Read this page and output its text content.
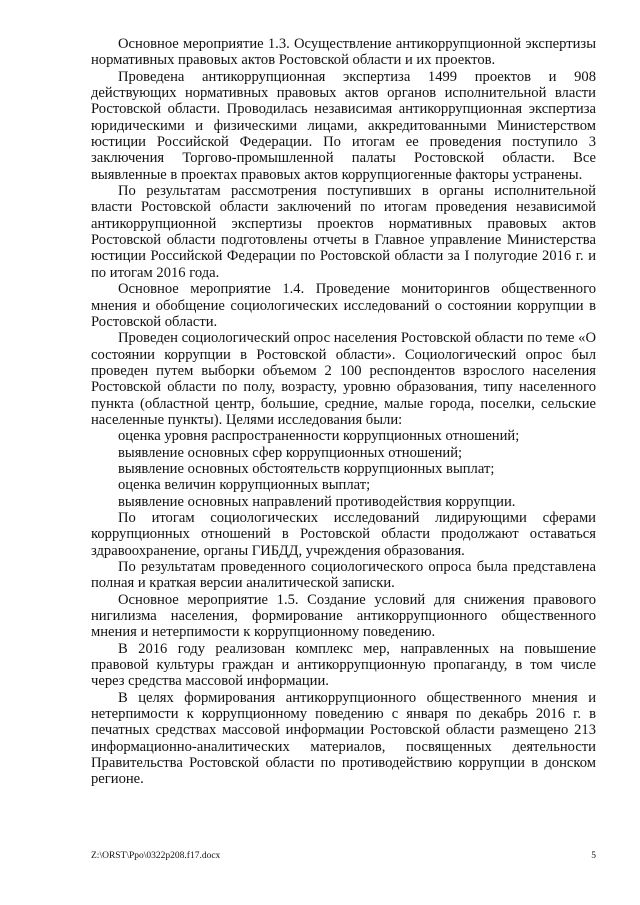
Основное мероприятие 1.3. Осуществление антикоррупционной экспертизы нормативных правовых актов Ростовской области и их проектов.

Проведена антикоррупционная экспертиза 1499 проектов и 908 действующих нормативных правовых актов органов исполнительной власти Ростовской области. Проводилась независимая антикоррупционная экспертиза юридическими и физическими лицами, аккредитованными Министерством юстиции Российской Федерации. По итогам ее проведения поступило 3 заключения Торгово-промышленной палаты Ростовской области. Все выявленные в проектах правовых актов коррупциогенные факторы устранены.

По результатам рассмотрения поступивших в органы исполнительной власти Ростовской области заключений по итогам проведения независимой антикоррупционной экспертизы проектов нормативных правовых актов Ростовской области подготовлены отчеты в Главное управление Министерства юстиции Российской Федерации по Ростовской области за I полугодие 2016 г. и по итогам 2016 года.

Основное мероприятие 1.4. Проведение мониторингов общественного мнения и обобщение социологических исследований о состоянии коррупции в Ростовской области.

Проведен социологический опрос населения Ростовской области по теме «О состоянии коррупции в Ростовской области». Социологический опрос был проведен путем выборки объемом 2 100 респондентов взрослого населения Ростовской области по полу, возрасту, уровню образования, типу населенного пункта (областной центр, большие, средние, малые города, поселки, сельские населенные пункты). Целями исследования были:

оценка уровня распространенности коррупционных отношений;
выявление основных сфер коррупционных отношений;
выявление основных обстоятельств коррупционных выплат;
оценка величин коррупционных выплат;
выявление основных направлений противодействия коррупции.

По итогам социологических исследований лидирующими сферами коррупционных отношений в Ростовской области продолжают оставаться здравоохранение, органы ГИБДД, учреждения образования.

По результатам проведенного социологического опроса была представлена полная и краткая версии аналитической записки.

Основное мероприятие 1.5. Создание условий для снижения правового нигилизма населения, формирование антикоррупционного общественного мнения и нетерпимости к коррупционному поведению.

В 2016 году реализован комплекс мер, направленных на повышение правовой культуры граждан и антикоррупционную пропаганду, в том числе через средства массовой информации.

В целях формирования антикоррупционного общественного мнения и нетерпимости к коррупционному поведению с января по декабрь 2016 г. в печатных средствах массовой информации Ростовской области размещено 213 информационно-аналитических материалов, посвященных деятельности Правительства Ростовской области по противодействию коррупции в донском регионе.

Z:\ORST\Ppo\0322p208.f17.docx	5
